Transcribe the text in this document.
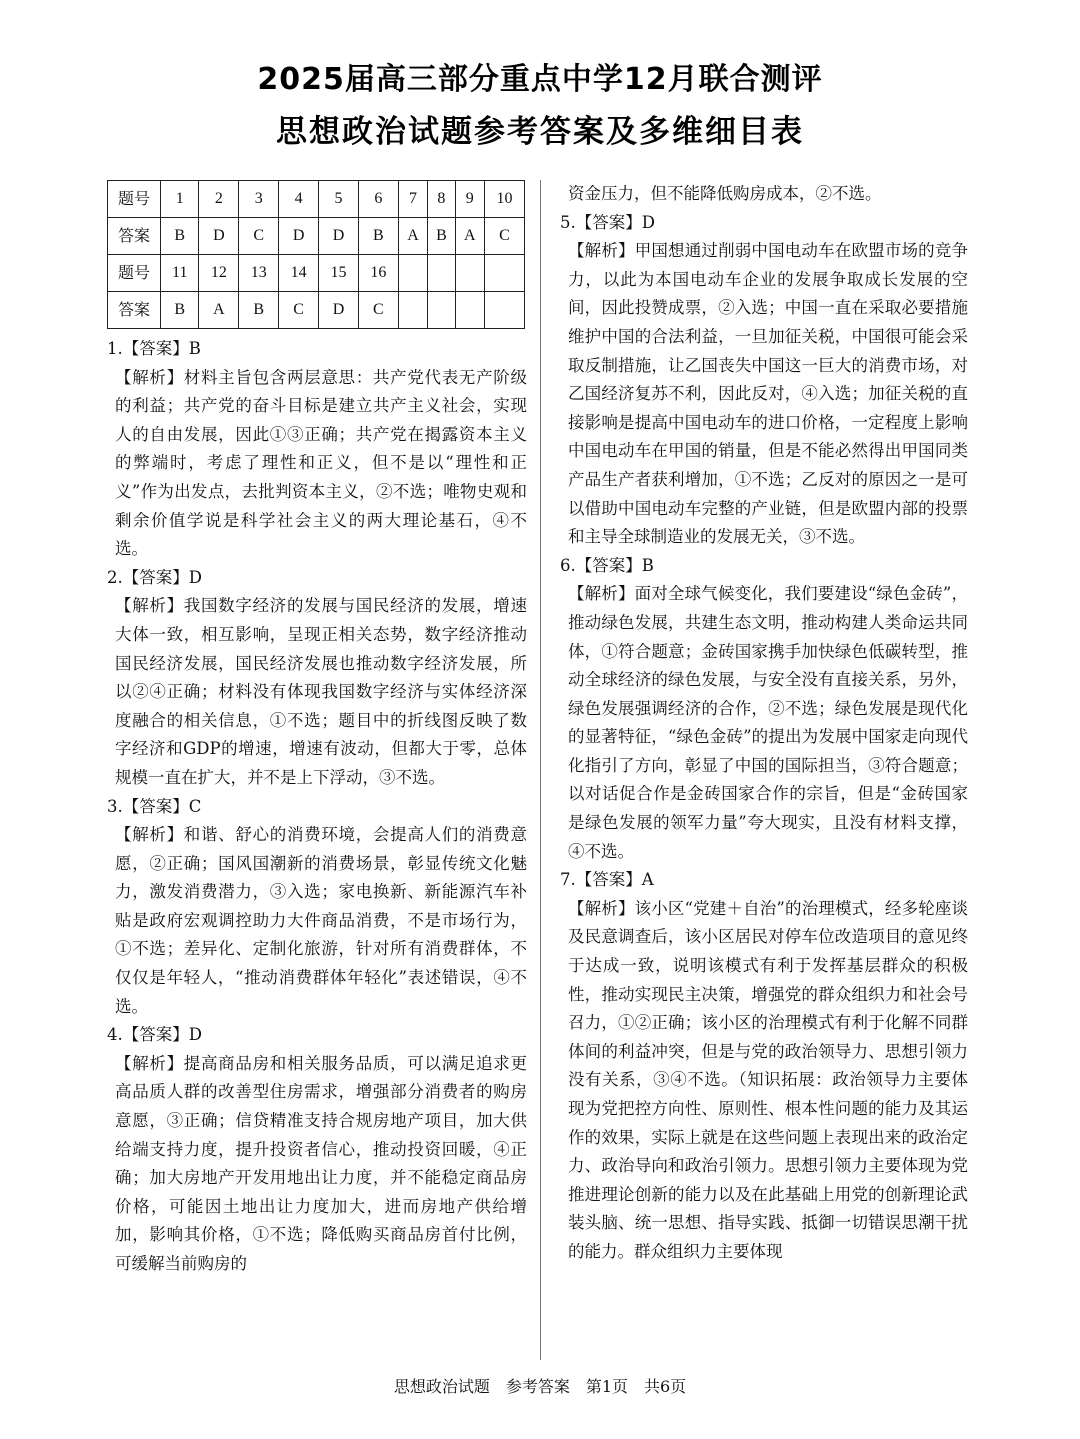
2025届高三部分重点中学12月联合测评
思想政治试题参考答案及多维细目表
题号	1	2	3	4	5	6	7	8	9	10
答案	B	D	C	D	D	B	A	B	A	C
题号	11	12	13	14	15	16				
答案	B	A	B	C	D	C				

1.【答案】B

【解析】材料主旨包含两层意思：共产党代表无产阶级的利益；共产党的奋斗目标是建立共产主义社会，实现人的自由发展，因此①③正确；共产党在揭露资本主义的弊端时，考虑了理性和正义，但不是以“理性和正义”作为出发点，去批判资本主义，②不选；唯物史观和剩余价值学说是科学社会主义的两大理论基石，④不选。

2.【答案】D

【解析】我国数字经济的发展与国民经济的发展，增速大体一致，相互影响，呈现正相关态势，数字经济推动国民经济发展，国民经济发展也推动数字经济发展，所以②④正确；材料没有体现我国数字经济与实体经济深度融合的相关信息，①不选；题目中的折线图反映了数字经济和GDP的增速，增速有波动，但都大于零，总体规模一直在扩大，并不是上下浮动，③不选。

3.【答案】C

【解析】和谐、舒心的消费环境，会提高人们的消费意愿，②正确；国风国潮新的消费场景，彰显传统文化魅力，激发消费潜力，③入选；家电换新、新能源汽车补贴是政府宏观调控助力大件商品消费，不是市场行为，①不选；差异化、定制化旅游，针对所有消费群体，不仅仅是年轻人，“推动消费群体年轻化”表述错误，④不选。

4.【答案】D

【解析】提高商品房和相关服务品质，可以满足追求更高品质人群的改善型住房需求，增强部分消费者的购房意愿，③正确；信贷精准支持合规房地产项目，加大供给端支持力度，提升投资者信心，推动投资回暖，④正确；加大房地产开发用地出让力度，并不能稳定商品房价格，可能因土地出让力度加大，进而房地产供给增加，影响其价格，①不选；降低购买商品房首付比例，可缓解当前购房的

资金压力，但不能降低购房成本，②不选。

5.【答案】D

【解析】甲国想通过削弱中国电动车在欧盟市场的竞争力，以此为本国电动车企业的发展争取成长发展的空间，因此投赞成票，②入选；中国一直在采取必要措施维护中国的合法利益，一旦加征关税，中国很可能会采取反制措施，让乙国丧失中国这一巨大的消费市场，对乙国经济复苏不利，因此反对，④入选；加征关税的直接影响是提高中国电动车的进口价格，一定程度上影响中国电动车在甲国的销量，但是不能必然得出甲国同类产品生产者获利增加，①不选；乙反对的原因之一是可以借助中国电动车完整的产业链，但是欧盟内部的投票和主导全球制造业的发展无关，③不选。

6.【答案】B

【解析】面对全球气候变化，我们要建设“绿色金砖”，推动绿色发展，共建生态文明，推动构建人类命运共同体，①符合题意；金砖国家携手加快绿色低碳转型，推动全球经济的绿色发展，与安全没有直接关系，另外，绿色发展强调经济的合作，②不选；绿色发展是现代化的显著特征，“绿色金砖”的提出为发展中国家走向现代化指引了方向，彰显了中国的国际担当，③符合题意；以对话促合作是金砖国家合作的宗旨，但是“金砖国家是绿色发展的领军力量”夸大现实，且没有材料支撑，④不选。

7.【答案】A

【解析】该小区“党建＋自治”的治理模式，经多轮座谈及民意调查后，该小区居民对停车位改造项目的意见终于达成一致，说明该模式有利于发挥基层群众的积极性，推动实现民主决策，增强党的群众组织力和社会号召力，①②正确；该小区的治理模式有利于化解不同群体间的利益冲突，但是与党的政治领导力、思想引领力没有关系，③④不选。（知识拓展：政治领导力主要体现为党把控方向性、原则性、根本性问题的能力及其运作的效果，实际上就是在这些问题上表现出来的政治定力、政治导向和政治引领力。思想引领力主要体现为党推进理论创新的能力以及在此基础上用党的创新理论武装头脑、统一思想、指导实践、抵御一切错误思潮干扰的能力。群众组织力主要体现

思想政治试题　参考答案　第1页　共6页
